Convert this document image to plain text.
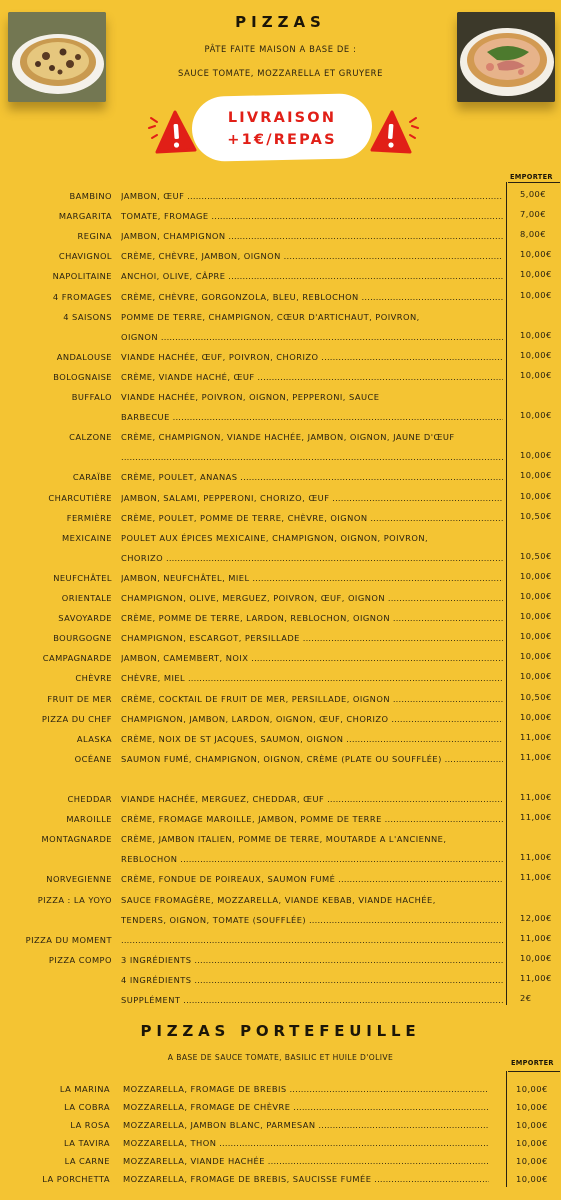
PIZZAS
PÂTE FAITE MAISON A BASE DE :
SAUCE TOMATE, MOZZARELLA ET GRUYERE
LIVRAISON
+1€/REPAS
EMPORTER
BAMBINO JAMBON, ŒUF .....	5,00€
MARGARITA TOMATE, FROMAGE .....	7,00€
REGINA JAMBON, CHAMPIGNON .....	8,00€
CHAVIGNOL CRÈME, CHÈVRE, JAMBON, OIGNON .....	10,00€
NAPOLITAINE ANCHOI, OLIVE, CÂPRE .....	10,00€
4 FROMAGES CRÈME, CHÈVRE, GORGONZOLA, BLEU, REBLOCHON .....	10,00€
4 SAISONS POMME DE TERRE, CHAMPIGNON, CŒUR D'ARTICHAUT, POIVRON,
OIGNON .....	10,00€
ANDALOUSE VIANDE HACHÉE, ŒUF, POIVRON, CHORIZO .....	10,00€
BOLOGNAISE CRÈME, VIANDE HACHÉ, ŒUF .....	10,00€
BUFFALO VIANDE HACHÉE, POIVRON, OIGNON, PEPPERONI, SAUCE
BARBECUE .....	10,00€
CALZONE CRÈME, CHAMPIGNON, VIANDE HACHÉE, JAMBON, OIGNON, JAUNE D'ŒUF
.....
10,00€
CARAÏBE CRÈME, POULET, ANANAS .....	10,00€
CHARCUTIÈRE JAMBON, SALAMI, PEPPERONI, CHORIZO, ŒUF .....	10,00€
FERMIÈRE CRÈME, POULET, POMME DE TERRE, CHÈVRE, OIGNON .....	10,50€
MEXICAINE POULET AUX ÉPICES MEXICAINE, CHAMPIGNON, OIGNON, POIVRON,
CHORIZO .....	10,50€
NEUFCHÂTEL JAMBON, NEUFCHÂTEL, MIEL .....	10,00€
ORIENTALE CHAMPIGNON, OLIVE, MERGUEZ, POIVRON, ŒUF, OIGNON .....	10,00€
SAVOYARDE CRÈME, POMME DE TERRE, LARDON, REBLOCHON, OIGNON .....	10,00€
BOURGOGNE CHAMPIGNON, ESCARGOT, PERSILLADE .....	10,00€
CAMPAGNARDE JAMBON, CAMEMBERT, NOIX .....	10,00€
CHÈVRE CHÈVRE, MIEL .....	10,00€
FRUIT DE MER CRÈME, COCKTAIL DE FRUIT DE MER, PERSILLADE, OIGNON .....	10,50€
PIZZA DU CHEF CHAMPIGNON, JAMBON, LARDON, OIGNON, ŒUF, CHORIZO .....	10,00€
ALASKA CRÈME, NOIX DE ST JACQUES, SAUMON, OIGNON .....	11,00€
OCÉANE SAUMON FUMÉ, CHAMPIGNON, OIGNON, CRÈME (PLATE OU SOUFFLÉE) .....	11,00€
CHEDDAR VIANDE HACHÉE, MERGUEZ, CHEDDAR, ŒUF .....	11,00€
MAROILLE CRÈME, FROMAGE MAROILLE, JAMBON, POMME DE TERRE .....	11,00€
MONTAGNARDE CRÈME, JAMBON ITALIEN, POMME DE TERRE, MOUTARDE A L'ANCIENNE,
REBLOCHON .....	11,00€
NORVEGIENNE CRÈME, FONDUE DE POIREAUX, SAUMON FUMÉ .....	11,00€
PIZZA : LA YOYO SAUCE FROMAGÈRE, MOZZARELLA, VIANDE KEBAB, VIANDE HACHÉE,
TENDERS, OIGNON, TOMATE (SOUFFLÉE) .....	12,00€
PIZZA DU MOMENT
.....	11,00€
PIZZA COMPO 3 INGRÉDIENTS .....	10,00€
4 INGRÉDIENTS .....	11,00€
SUPPLÉMENT .....	2€
PIZZAS PORTEFEUILLE
A BASE DE SAUCE TOMATE, BASILIC ET HUILE D'OLIVE
EMPORTER
LA MARINA MOZZARELLA, FROMAGE DE BREBIS .....	10,00€
LA COBRA MOZZARELLA, FROMAGE DE CHÈVRE .....	10,00€
LA ROSA MOZZARELLA, JAMBON BLANC, PARMESAN .....	10,00€
LA TAVIRA MOZZARELLA, THON .....	10,00€
LA CARNE MOZZARELLA, VIANDE HACHÉE .....	10,00€
LA PORCHETTA MOZZARELLA, FROMAGE DE BREBIS, SAUCISSE FUMÉE .....	10,00€
